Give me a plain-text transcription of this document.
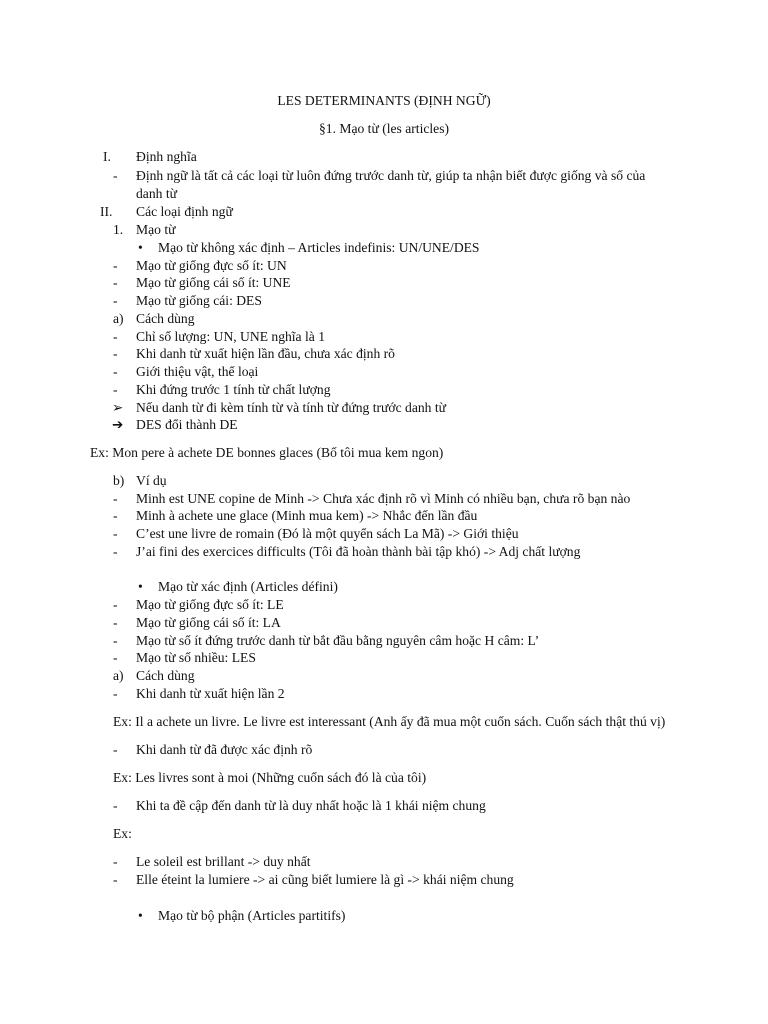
LES DETERMINANTS (ĐỊNH NGỮ)
§1. Mạo từ (les articles)
I. Định nghĩa
- Định ngữ là tất cả các loại từ luôn đứng trước danh từ, giúp ta nhận biết được giống và số của danh từ
II. Các loại định ngữ
1. Mạo từ
• Mạo từ không xác định – Articles indefinis: UN/UNE/DES
- Mạo từ giống đực số ít: UN
- Mạo từ giống cái số ít: UNE
- Mạo từ giống cái: DES
a) Cách dùng
- Chỉ số lượng: UN, UNE nghĩa là 1
- Khi danh từ xuất hiện lần đầu, chưa xác định rõ
- Giới thiệu vật, thể loại
- Khi đứng trước 1 tính từ chất lượng
➢ Nếu danh từ đi kèm tính từ và tính từ đứng trước danh từ
➔ DES đổi thành DE
Ex: Mon pere à achete DE bonnes glaces (Bố tôi mua kem ngon)
b) Ví dụ
- Minh est UNE copine de Minh -> Chưa xác định rõ vì Minh có nhiều bạn, chưa rõ bạn nào
- Minh à achete une glace (Minh mua kem) -> Nhắc đến lần đầu
- C’est une livre de romain (Đó là một quyển sách La Mã) -> Giới thiệu
- J’ai fini des exercices difficults (Tôi đã hoàn thành bài tập khó) -> Adj chất lượng
• Mạo từ xác định (Articles défini)
- Mạo từ giống đực số ít: LE
- Mạo từ giống cái số ít: LA
- Mạo từ số ít đứng trước danh từ bắt đầu bằng nguyên câm hoặc H câm: L’
- Mạo từ số nhiều: LES
a) Cách dùng
- Khi danh từ xuất hiện lần 2
Ex: Il a achete un livre. Le livre est interessant (Anh ấy đã mua một cuốn sách. Cuốn sách thật thú vị)
- Khi danh từ đã được xác định rõ
Ex: Les livres sont à moi (Những cuốn sách đó là của tôi)
- Khi ta đề cập đến danh từ là duy nhất hoặc là 1 khái niệm chung
Ex:
- Le soleil est brillant -> duy nhất
- Elle éteint la lumiere -> ai cũng biết lumiere là gì -> khái niệm chung
• Mạo từ bộ phận (Articles partitifs)
